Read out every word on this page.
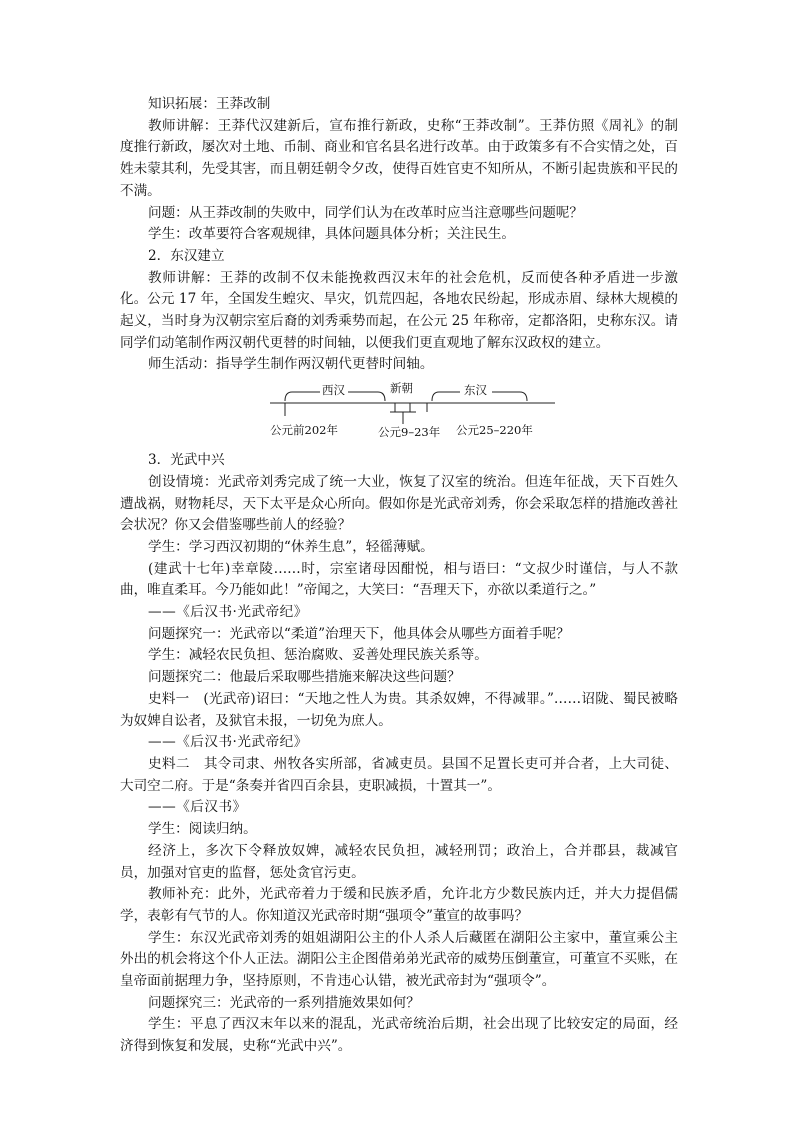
知识拓展：王莽改制

教师讲解：王莽代汉建新后，宣布推行新政，史称“王莽改制”。王莽仿照《周礼》的制度推行新政，屡次对土地、币制、商业和官名县名进行改革。由于政策多有不合实情之处，百姓未蒙其利，先受其害，而且朝廷朝令夕改，使得百姓官吏不知所从，不断引起贵族和平民的不满。

问题：从王莽改制的失败中，同学们认为在改革时应当注意哪些问题呢？

学生：改革要符合客观规律，具体问题具体分析；关注民生。

2．东汉建立

教师讲解：王莽的改制不仅未能挽救西汉末年的社会危机，反而使各种矛盾进一步激化。公元 17 年，全国发生蝗灾、旱灾，饥荒四起，各地农民纷起，形成赤眉、绿林大规模的起义，当时身为汉朝宗室后裔的刘秀乘势而起，在公元 25 年称帝，定都洛阳，史称东汉。请同学们动笔制作两汉朝代更替的时间轴，以便我们更直观地了解东汉政权的建立。

师生活动：指导学生制作两汉朝代更替时间轴。

西汉	新朝	东汉
公元前202年	公元9–23年 公元25–220年

3．光武中兴

创设情境：光武帝刘秀完成了统一大业，恢复了汉室的统治。但连年征战，天下百姓久遭战祸，财物耗尽，天下太平是众心所向。假如你是光武帝刘秀，你会采取怎样的措施改善社会状况？你又会借鉴哪些前人的经验？

学生：学习西汉初期的“休养生息”，轻徭薄赋。

(建武十七年)幸章陵……时，宗室诸母因酣悦，相与语曰：“文叔少时谨信，与人不款曲，唯直柔耳。今乃能如此！”帝闻之，大笑曰：“吾理天下，亦欲以柔道行之。”

——《后汉书·光武帝纪》

问题探究一：光武帝以“柔道”治理天下，他具体会从哪些方面着手呢？

学生：减轻农民负担、惩治腐败、妥善处理民族关系等。

问题探究二：他最后采取哪些措施来解决这些问题？

史料一　(光武帝)诏曰：“天地之性人为贵。其杀奴婢，不得减罪。”……诏陇、蜀民被略为奴婢自讼者，及狱官未报，一切免为庶人。

——《后汉书·光武帝纪》

史料二　其令司隶、州牧各实所部，省减吏员。县国不足置长吏可并合者，上大司徒、大司空二府。于是“条奏并省四百余县，吏职减损，十置其一”。

——《后汉书》

学生：阅读归纳。

经济上，多次下令释放奴婢，减轻农民负担，减轻刑罚；政治上，合并郡县，裁减官员，加强对官吏的监督，惩处贪官污吏。

教师补充：此外，光武帝着力于缓和民族矛盾，允许北方少数民族内迁，并大力提倡儒学，表彰有气节的人。你知道汉光武帝时期“强项令”董宣的故事吗？

学生：东汉光武帝刘秀的姐姐湖阳公主的仆人杀人后藏匿在湖阳公主家中，董宣乘公主外出的机会将这个仆人正法。湖阳公主企图借弟弟光武帝的威势压倒董宣，可董宣不买账，在皇帝面前据理力争，坚持原则，不肯违心认错，被光武帝封为“强项令”。

问题探究三：光武帝的一系列措施效果如何？

学生：平息了西汉末年以来的混乱，光武帝统治后期，社会出现了比较安定的局面，经济得到恢复和发展，史称“光武中兴”。
